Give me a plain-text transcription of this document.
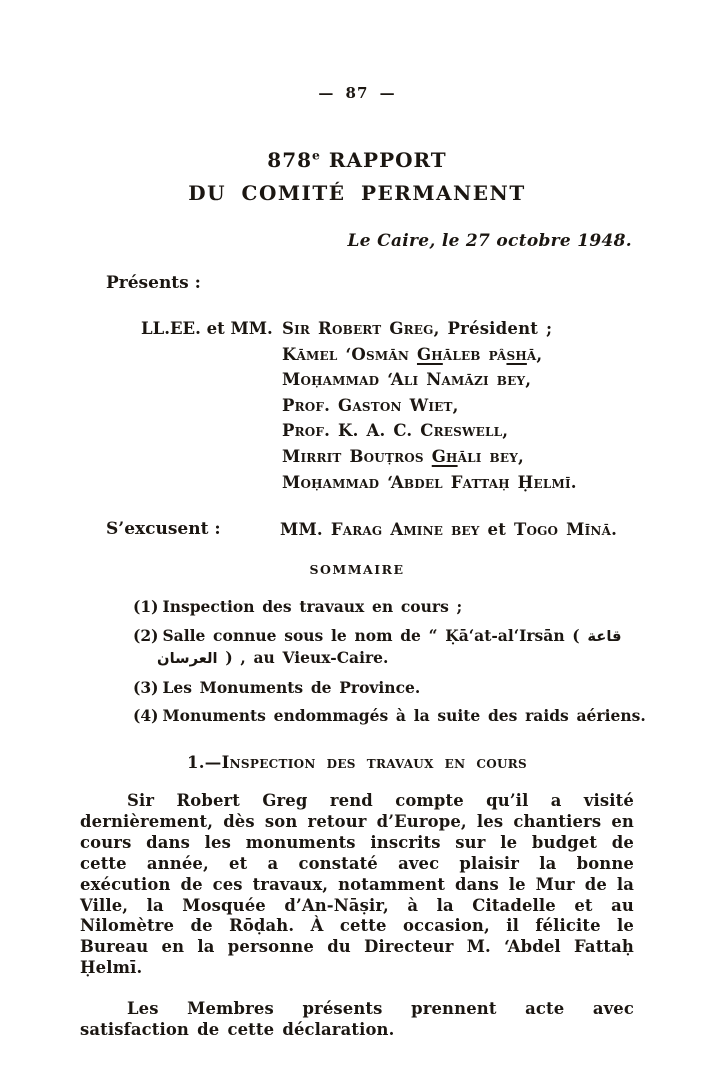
— 87 —
878e RAPPORT
DU COMITÉ PERMANENT
Le Caire, le 27 octobre 1948.
Présents :
LL.EE. et MM. Sir Robert Greg, Président ;
Kāmel ‘Osmān Ghāleb pâshā,
Moḥammad ‘Ali Namāzi bey,
Prof. Gaston Wiet,
Prof. K. A. C. Creswell,
Mirrit Bouṭros Ghāli bey,
Moḥammad ‘Abdel Fattaḥ Ḥelmī.
S’excusent :	MM. Farag Amine bey et Togo Mīnā.
SOMMAIRE
(1) Inspection des travaux en cours ;
(2) Salle connue sous le nom de “ Ḳā‘at-al‘Irsān ( قاعة العرسان ) , au Vieux-Caire.
(3) Les Monuments de Province.
(4) Monuments endommagés à la suite des raids aériens.
1.—Inspection des travaux en cours

Sir Robert Greg rend compte qu’il a visité dernièrement, dès son retour d’Europe, les chantiers en cours dans les monuments inscrits sur le budget de cette année, et a constaté avec plaisir la bonne exécution de ces travaux, notamment dans le Mur de la Ville, la Mosquée d’An-Nāṣir, à la Citadelle et au Nilomètre de Rōḍah. À cette occasion, il félicite le Bureau en la personne du Directeur M. ‘Abdel Fattaḥ Ḥelmī.

Les Membres présents prennent acte avec satisfaction de cette déclaration.
